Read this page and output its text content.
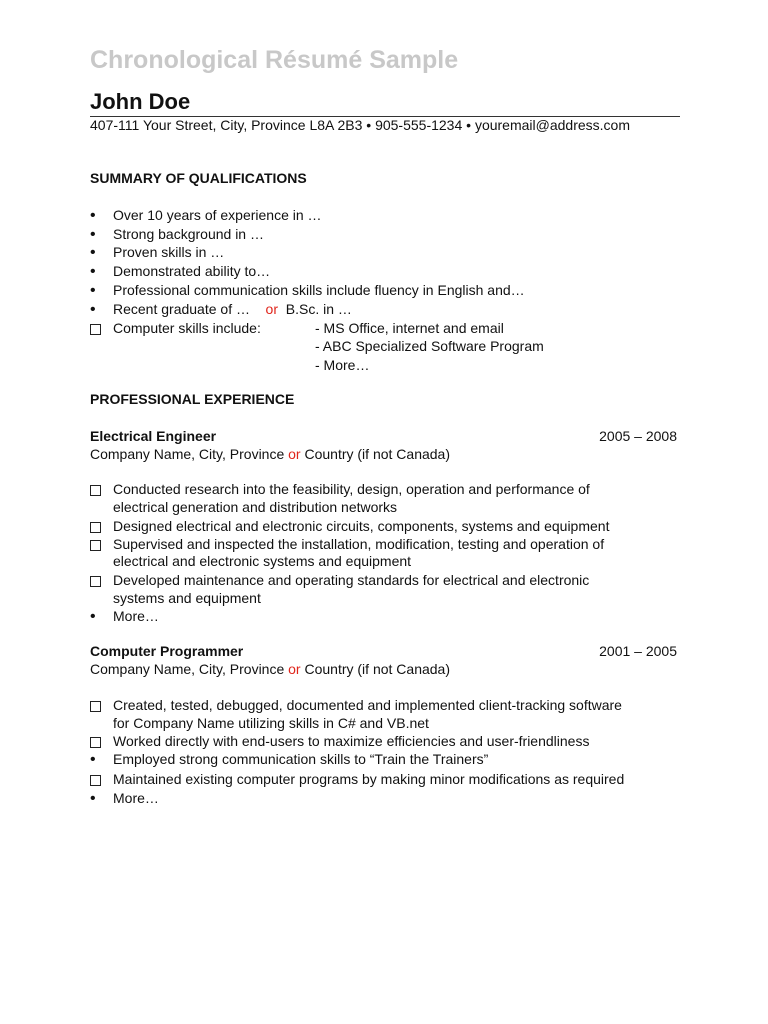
Chronological Résumé Sample
John Doe
407-111 Your Street, City, Province L8A 2B3 • 905-555-1234 • youremail@address.com
SUMMARY OF QUALIFICATIONS
•	Over 10 years of experience in …
•	Strong background in …
•	Proven skills in …
•	Demonstrated ability to…
•	Professional communication skills include fluency in English and…
•	Recent graduate of … or B.Sc. in …
Computer skills include:	- MS Office, internet and email
- ABC Specialized Software Program
- More…
PROFESSIONAL EXPERIENCE
Electrical Engineer	2005 – 2008
Company Name, City, Province or Country (if not Canada)
Conducted research into the feasibility, design, operation and performance of
electrical generation and distribution networks
Designed electrical and electronic circuits, components, systems and equipment
Supervised and inspected the installation, modification, testing and operation of
electrical and electronic systems and equipment
Developed maintenance and operating standards for electrical and electronic
systems and equipment
•	More…
Computer Programmer	2001 – 2005
Company Name, City, Province or Country (if not Canada)
Created, tested, debugged, documented and implemented client-tracking software
for Company Name utilizing skills in C# and VB.net
Worked directly with end-users to maximize efficiencies and user-friendliness
•	Employed strong communication skills to “Train the Trainers”
Maintained existing computer programs by making minor modifications as required
•	More…
